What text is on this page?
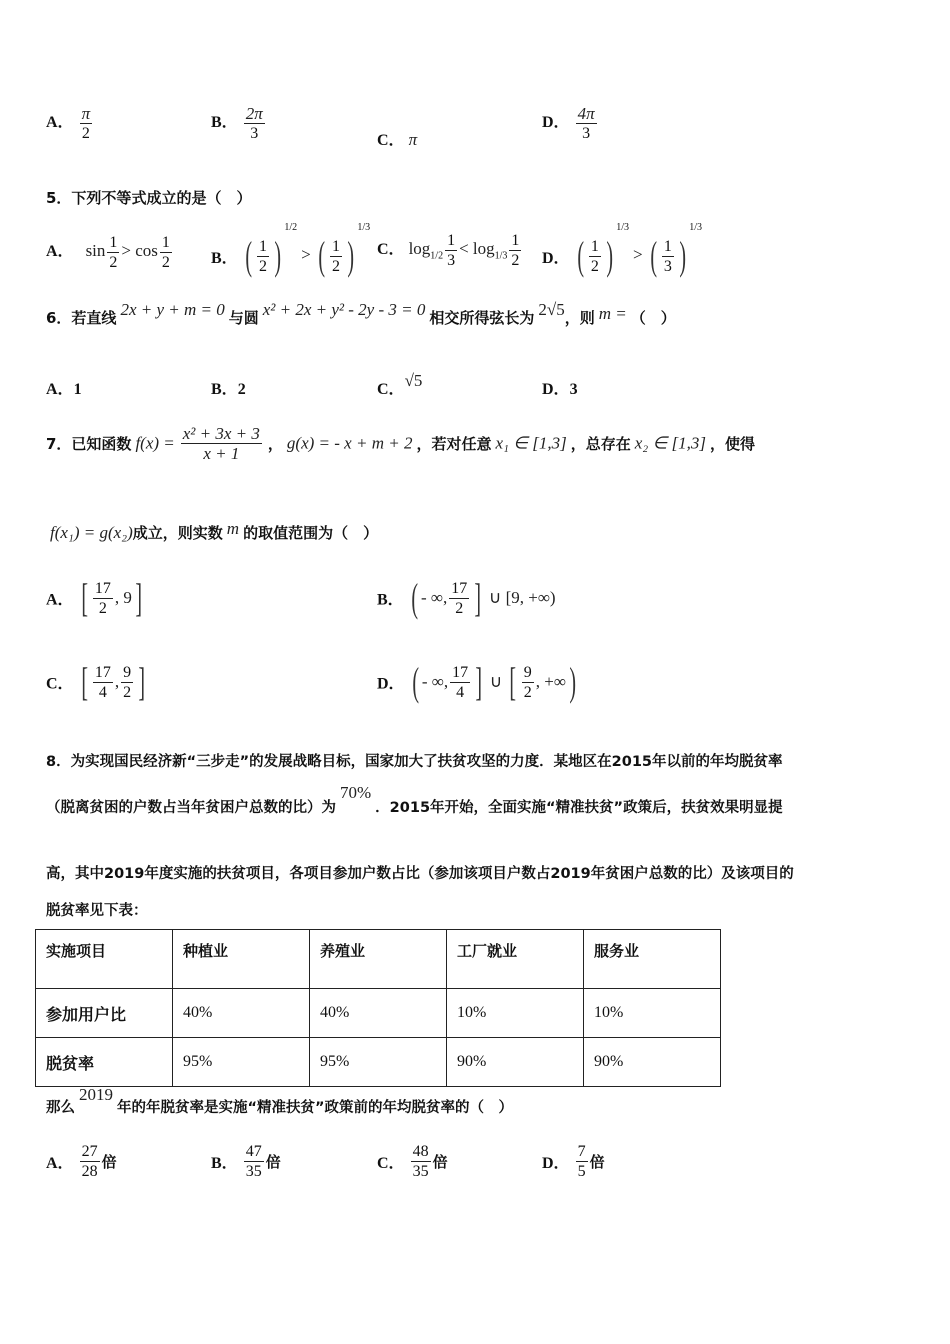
A． $\frac{\pi}{2}$	B． $\frac{2\pi}{3}$	C． π
D． $\frac{4\pi}{3}$
5．下列不等式成立的是（　）
A． $\sin \frac{1}{2} > \cos \frac{1}{2}$ B． ( $\frac{1}{2} )^{1/2}$ > ( $\frac{1}{2} )^{1/3}$
C． $\log_{1/2} \frac{1}{3} < \log_{1/3} \frac{1}{2}$ D． ( $\frac{1}{2} )^{1/3}$ > ( $\frac{1}{3} )^{1/3}$
6．若直线 2x + y + m = 0 与圆 x² + 2x + y² - 2y - 3 = 0 相交所得弦长为 2√5，则 m = （　）
A．1	B．2	C．√5	D．3
7．已知函数 $f(x) = \frac{\text{x² + 3x + 3}}{x + 1}$ ， g(x) = - x + m + 2 ，若对任意 x₁ ∈ [1,3] ，总存在 x₂ ∈ [1,3] ，使得
f(x₁) = g(x₂)成立，则实数 m 的取值范围为（　）
A． [ $\frac{17}{2}$ , 9]	B． ( - ∞, $\frac{17}{2}$ ] ∪ [9, +∞)
C． [ $\frac{17}{4}$ , $\frac{9}{2}$ ]	D． ( - ∞, $\frac{17}{4}$ ] ∪ [ $\frac{9}{2}$ , +∞)
8．为实现国民经济新“三步走”的发展战略目标，国家加大了扶贫攻坚的力度．某地区在2015年以前的年均脱贫率
（脱离贫困的户数占当年贫困户总数的比）为 70% ．2015年开始，全面实施“精准扶贫”政策后，扶贫效果明显提
高，其中2019年度实施的扶贫项目，各项目参加户数占比（参加该项目户数占2019年贫困户总数的比）及该项目的
脱贫率见下表：
实施项目	种植业	养殖业	工厂就业	服务业
参加用户比	40%	40%	10%	10%
脱贫率	95%	95%	90%	90%
那么 2019 年的年脱贫率是实施“精准扶贫”政策前的年均脱贫率的（　）
A． $\frac{27}{28}$ 倍	B． $\frac{47}{35}$ 倍	C． $\frac{48}{35}$ 倍	D． $\frac{7}{5}$ 倍
